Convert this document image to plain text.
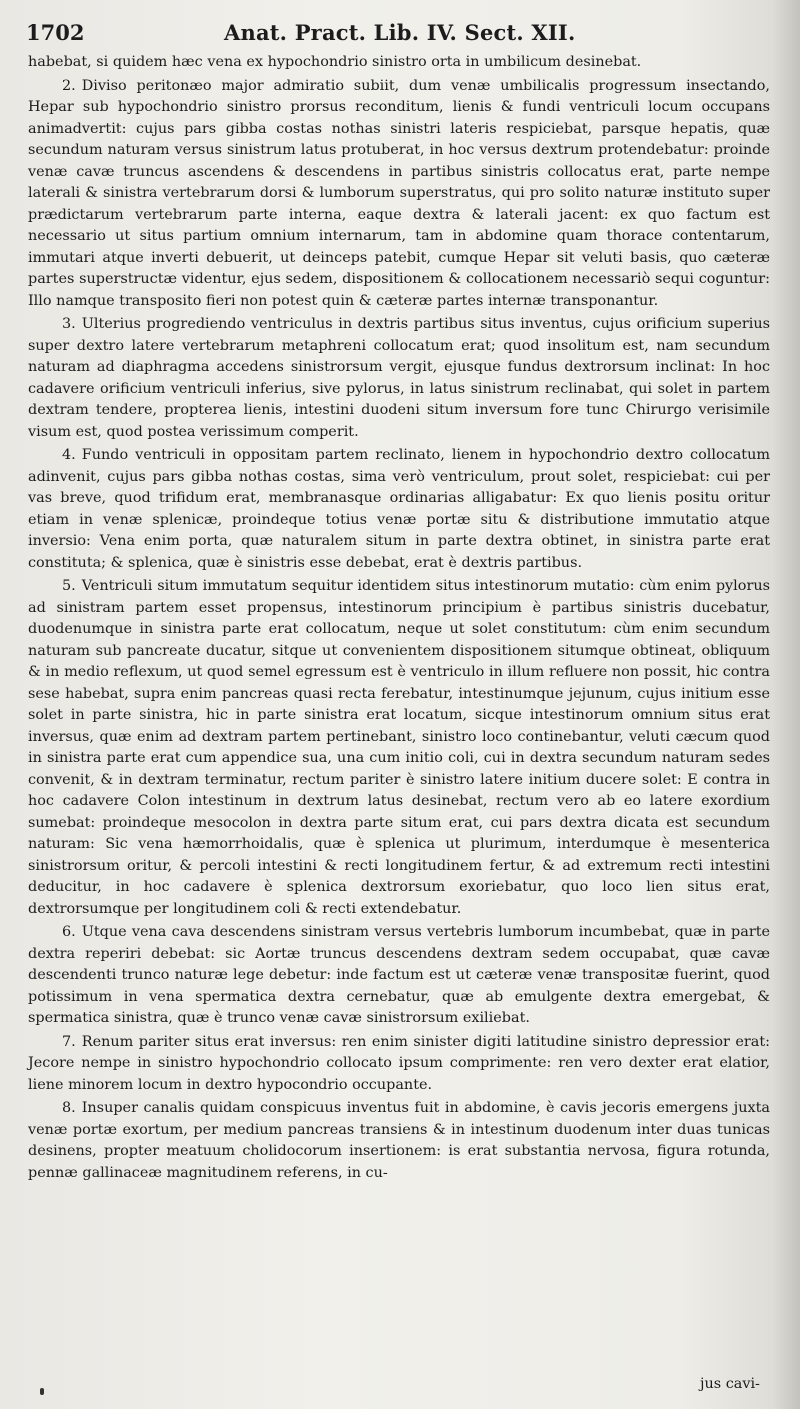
1702	Anat. Pract. Lib. IV. Sect. XII.

habebat, si quidem hæc vena ex hypochondrio sinistro orta in umbilicum desinebat.

2. Diviso peritonæo major admiratio subiit, dum venæ umbilicalis progressum insectando, Hepar sub hypochondrio sinistro prorsus reconditum, lienis & fundi ventriculi locum occupans animadvertit: cujus pars gibba costas nothas sinistri lateris respiciebat, parsque hepatis, quæ secundum naturam versus sinistrum latus protuberat, in hoc versus dextrum protendebatur: proinde venæ cavæ truncus ascendens & descendens in partibus sinistris collocatus erat, parte nempe laterali & sinistra vertebrarum dorsi & lumborum superstratus, qui pro solito naturæ instituto super prædictarum vertebrarum parte interna, eaque dextra & laterali jacent: ex quo factum est necessario ut situs partium omnium internarum, tam in abdomine quam thorace contentarum, immutari atque inverti debuerit, ut deinceps patebit, cumque Hepar sit veluti basis, quo cæteræ partes superstructæ videntur, ejus sedem, dispositionem & collocationem necessariò sequi coguntur: Illo namque transposito fieri non potest quin & cæteræ partes internæ transponantur.

3. Ulterius progrediendo ventriculus in dextris partibus situs inventus, cujus orificium superius super dextro latere vertebrarum metaphreni collocatum erat; quod insolitum est, nam secundum naturam ad diaphragma accedens sinistrorsum vergit, ejusque fundus dextrorsum inclinat: In hoc cadavere orificium ventriculi inferius, sive pylorus, in latus sinistrum reclinabat, qui solet in partem dextram tendere, propterea lienis, intestini duodeni situm inversum fore tunc Chirurgo verisimile visum est, quod postea verissimum comperit.

4. Fundo ventriculi in oppositam partem reclinato, lienem in hypochondrio dextro collocatum adinvenit, cujus pars gibba nothas costas, sima verò ventriculum, prout solet, respiciebat: cui per vas breve, quod trifidum erat, membranasque ordinarias alligabatur: Ex quo lienis positu oritur etiam in venæ splenicæ, proindeque totius venæ portæ situ & distributione immutatio atque inversio: Vena enim porta, quæ naturalem situm in parte dextra obtinet, in sinistra parte erat constituta; & splenica, quæ è sinistris esse debebat, erat è dextris partibus.

5. Ventriculi situm immutatum sequitur identidem situs intestinorum mutatio: cùm enim pylorus ad sinistram partem esset propensus, intestinorum principium è partibus sinistris ducebatur, duodenumque in sinistra parte erat collocatum, neque ut solet constitutum: cùm enim secundum naturam sub pancreate ducatur, sitque ut convenientem dispositionem situmque obtineat, obliquum & in medio reflexum, ut quod semel egressum est è ventriculo in illum refluere non possit, hic contra sese habebat, supra enim pancreas quasi recta ferebatur, intestinumque jejunum, cujus initium esse solet in parte sinistra, hic in parte sinistra erat locatum, sicque intestinorum omnium situs erat inversus, quæ enim ad dextram partem pertinebant, sinistro loco continebantur, veluti cæcum quod in sinistra parte erat cum appendice sua, una cum initio coli, cui in dextra secundum naturam sedes convenit, & in dextram terminatur, rectum pariter è sinistro latere initium ducere solet: E contra in hoc cadavere Colon intestinum in dextrum latus desinebat, rectum vero ab eo latere exordium sumebat: proindeque mesocolon in dextra parte situm erat, cui pars dextra dicata est secundum naturam: Sic vena hæmorrhoidalis, quæ è splenica ut plurimum, interdumque è mesenterica sinistrorsum oritur, & percoli intestini & recti longitudinem fertur, & ad extremum recti intestini deducitur, in hoc cadavere è splenica dextrorsum exoriebatur, quo loco lien situs erat, dextrorsumque per longitudinem coli & recti extendebatur.

6. Utque vena cava descendens sinistram versus vertebris lumborum incumbebat, quæ in parte dextra reperiri debebat: sic Aortæ truncus descendens dextram sedem occupabat, quæ cavæ descendenti trunco naturæ lege debetur: inde factum est ut cæteræ venæ transpositæ fuerint, quod potissimum in vena spermatica dextra cernebatur, quæ ab emulgente dextra emergebat, & spermatica sinistra, quæ è trunco venæ cavæ sinistrorsum exiliebat.

7. Renum pariter situs erat inversus: ren enim sinister digiti latitudine sinistro depressior erat: Jecore nempe in sinistro hypochondrio collocato ipsum comprimente: ren vero dexter erat elatior, liene minorem locum in dextro hypocondrio occupante.

8. Insuper canalis quidam conspicuus inventus fuit in abdomine, è cavis jecoris emergens juxta venæ portæ exortum, per medium pancreas transiens & in intestinum duodenum inter duas tunicas desinens, propter meatuum cholidocorum insertionem: is erat substantia nervosa, figura rotunda, pennæ gallinaceæ magnitudinem referens, in cu-

jus cavi-
